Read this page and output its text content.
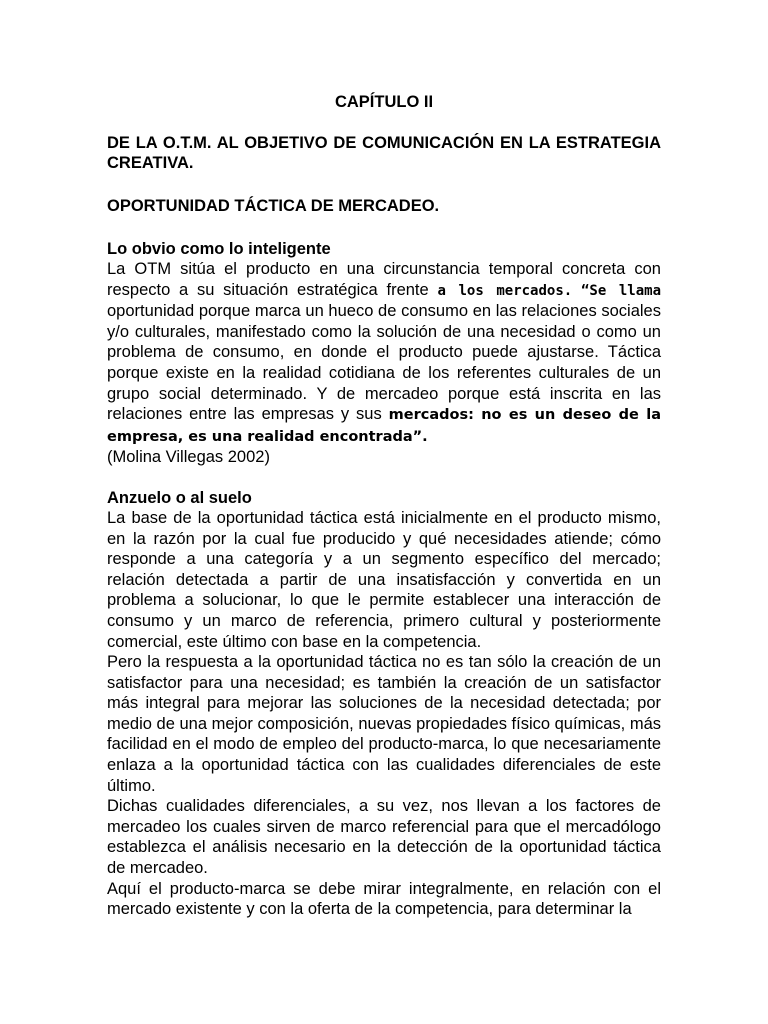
CAPÍTULO II
DE LA O.T.M. AL OBJETIVO DE COMUNICACIÓN EN LA ESTRATEGIA CREATIVA.
OPORTUNIDAD TÁCTICA DE MERCADEO.
Lo obvio como lo inteligente

La OTM sitúa el producto en una circunstancia temporal concreta con respecto a su situación estratégica frente a los mercados. “Se llama oportunidad porque marca un hueco de consumo en las relaciones sociales y/o culturales, manifestado como la solución de una necesidad o como un problema de consumo, en donde el producto puede ajustarse. Táctica porque existe en la realidad cotidiana de los referentes culturales de un grupo social determinado. Y de mercadeo porque está inscrita en las relaciones entre las empresas y sus mercados: no es un deseo de la empresa, es una realidad encontrada”.

(Molina Villegas 2002)

Anzuelo o al suelo

La base de la oportunidad táctica está inicialmente en el producto mismo, en la razón por la cual fue producido y qué necesidades atiende; cómo responde a una categoría y a un segmento específico del mercado; relación detectada a partir de una insatisfacción y convertida en un problema a solucionar, lo que le permite establecer una interacción de consumo y un marco de referencia, primero cultural y posteriormente comercial, este último con base en la competencia.

Pero la respuesta a la oportunidad táctica no es tan sólo la creación de un satisfactor para una necesidad; es también la creación de un satisfactor más integral para mejorar las soluciones de la necesidad detectada; por medio de una mejor composición, nuevas propiedades físico químicas, más facilidad en el modo de empleo del producto-marca, lo que necesariamente enlaza a la oportunidad táctica con las cualidades diferenciales de este último.

Dichas cualidades diferenciales, a su vez, nos llevan a los factores de mercadeo los cuales sirven de marco referencial para que el mercadólogo establezca el análisis necesario en la detección de la oportunidad táctica de mercadeo.

Aquí el producto-marca se debe mirar integralmente, en relación con el mercado existente y con la oferta de la competencia, para determinar la
